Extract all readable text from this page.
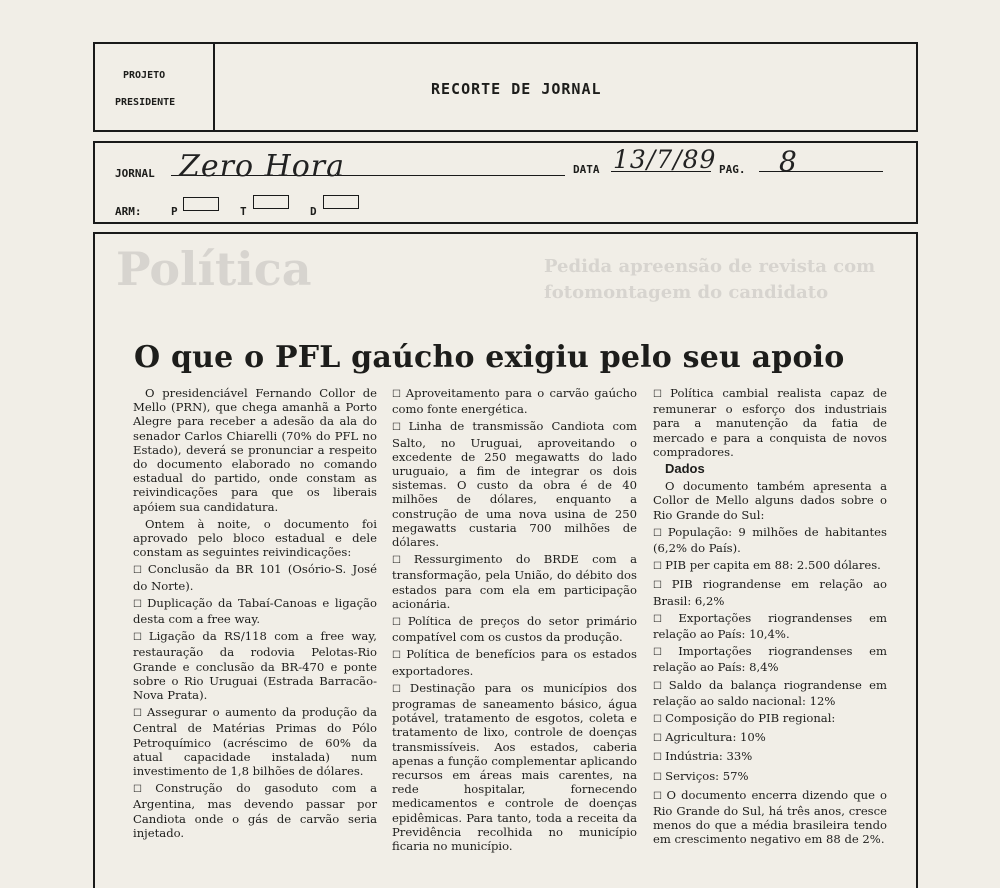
PROJETO
PRESIDENTE
RECORTE DE JORNAL
JORNAL Zero Hora	DATA 13/7/89 PAG. 8
ARM:	P	T	D
Política	Pedida apreensão de revista com fotomontagem do candidato
O que o PFL gaúcho exigiu pelo seu apoio

O presidenciável Fernando Collor de Mello (PRN), que chega amanhã a Porto Alegre para receber a adesão da ala do senador Carlos Chiarelli (70% do PFL no Estado), deverá se pronunciar a respeito do documento elaborado no comando estadual do partido, onde constam as reivindicações para que os liberais apóiem sua candidatura.

Ontem à noite, o documento foi aprovado pelo bloco estadual e dele constam as seguintes reivindicações:

☐ Conclusão da BR 101 (Osório-S. José do Norte).

☐ Duplicação da Tabaí-Canoas e ligação desta com a free way.

☐ Ligação da RS/118 com a free way, restauração da rodovia Pelotas-Rio Grande e conclusão da BR-470 e ponte sobre o Rio Uruguai (Estrada Barracão-Nova Prata).

☐ Assegurar o aumento da produção da Central de Matérias Primas do Pólo Petroquímico (acréscimo de 60% da atual capacidade instalada) num investimento de 1,8 bilhões de dólares.

☐ Construção do gasoduto com a Argentina, mas devendo passar por Candiota onde o gás de carvão seria injetado.

☐ Aproveitamento para o carvão gaúcho como fonte energética.

☐ Linha de transmissão Candiota com Salto, no Uruguai, aproveitando o excedente de 250 megawatts do lado uruguaio, a fim de integrar os dois sistemas. O custo da obra é de 40 milhões de dólares, enquanto a construção de uma nova usina de 250 megawatts custaria 700 milhões de dólares.

☐ Ressurgimento do BRDE com a transformação, pela União, do débito dos estados para com ela em participação acionária.

☐ Política de preços do setor primário compatível com os custos da produção.

☐ Política de benefícios para os estados exportadores.

☐ Destinação para os municípios dos programas de saneamento básico, água potável, tratamento de esgotos, coleta e tratamento de lixo, controle de doenças transmissíveis. Aos estados, caberia apenas a função complementar aplicando recursos em áreas mais carentes, na rede hospitalar, fornecendo medicamentos e controle de doenças epidêmicas. Para tanto, toda a receita da Previdência recolhida no município ficaria no município.

☐ Política cambial realista capaz de remunerar o esforço dos industriais para a manutenção da fatia de mercado e para a conquista de novos compradores.

Dados

O documento também apresenta a Collor de Mello alguns dados sobre o Rio Grande do Sul:

☐ População: 9 milhões de habitantes (6,2% do País).

☐ PIB per capita em 88: 2.500 dólares.

☐ PIB riograndense em relação ao Brasil: 6,2%

☐ Exportações riograndenses em relação ao País: 10,4%.

☐ Importações riograndenses em relação ao País: 8,4%

☐ Saldo da balança riograndense em relação ao saldo nacional: 12%

☐ Composição do PIB regional:

☐ Agricultura: 10%

☐ Indústria: 33%

☐ Serviços: 57%

☐ O documento encerra dizendo que o Rio Grande do Sul, há três anos, cresce menos do que a média brasileira tendo em crescimento negativo em 88 de 2%.
